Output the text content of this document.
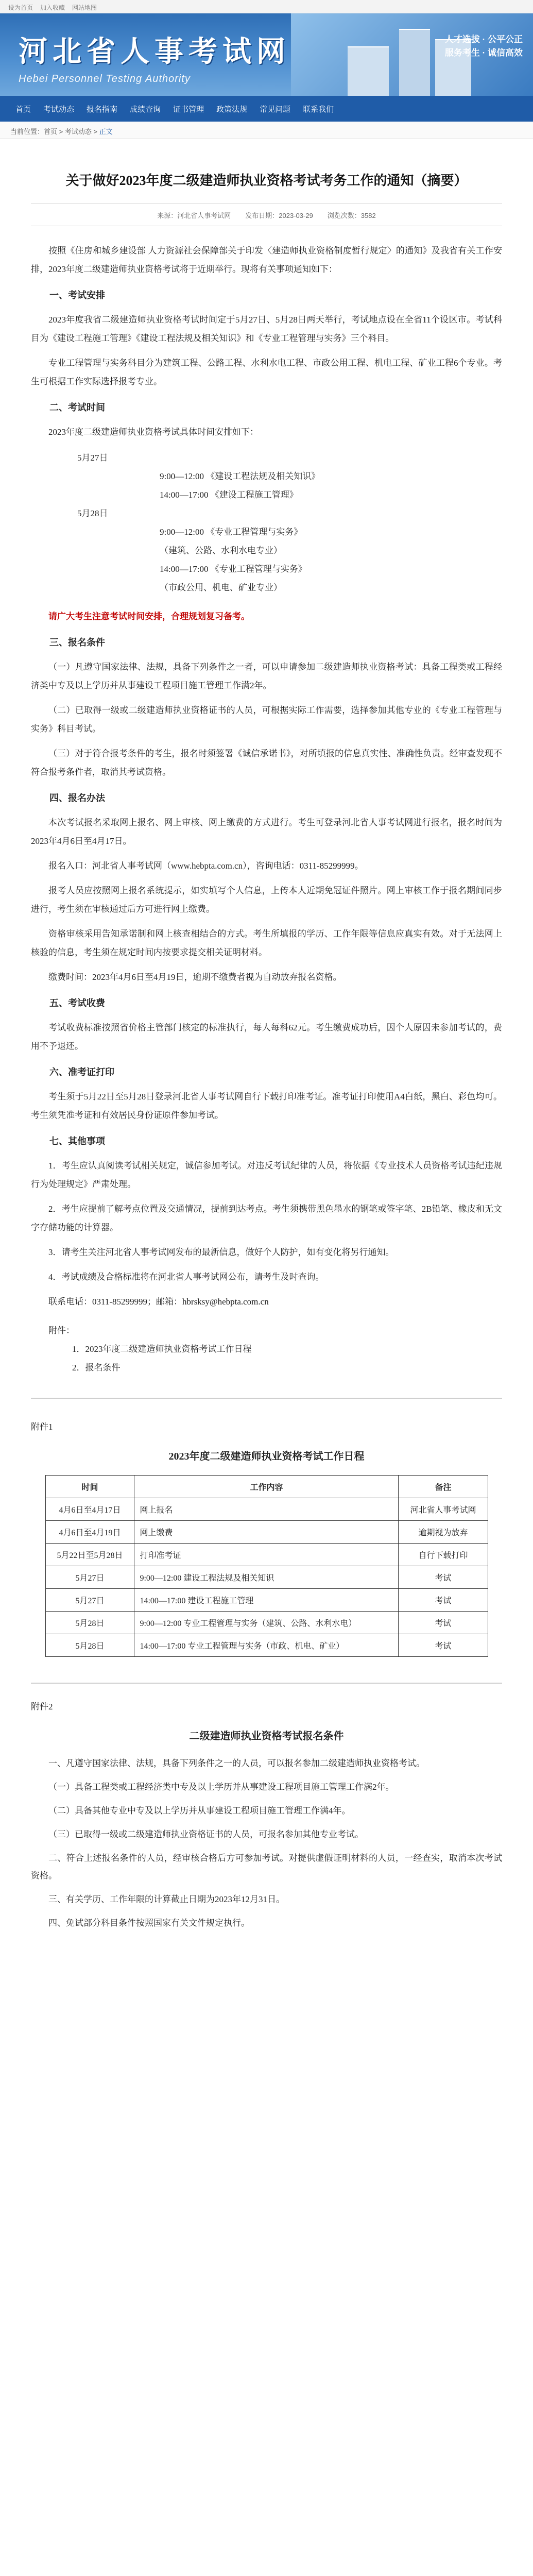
设为首页 加入收藏 网站地图
河北省人事考试网
Hebei Personnel Testing Authority
人才选拔 · 公平公正
服务考生 · 诚信高效
首页 考试动态 报名指南 成绩查询 证书管理 政策法规 常见问题 联系我们
当前位置：首页 > 考试动态 > 正文
关于做好2023年度二级建造师执业资格考试考务工作的通知（摘要）
来源：河北省人事考试网 发布日期：2023-03-29 浏览次数：3582

按照《住房和城乡建设部 人力资源社会保障部关于印发〈建造师执业资格制度暂行规定〉的通知》及我省有关工作安排，2023年度二级建造师执业资格考试将于近期举行。现将有关事项通知如下：

一、考试安排

2023年度我省二级建造师执业资格考试时间定于5月27日、5月28日两天举行，考试地点设在全省11个设区市。考试科目为《建设工程施工管理》《建设工程法规及相关知识》和《专业工程管理与实务》三个科目。

专业工程管理与实务科目分为建筑工程、公路工程、水利水电工程、市政公用工程、机电工程、矿业工程6个专业。考生可根据工作实际选择报考专业。

二、考试时间

2023年度二级建造师执业资格考试具体时间安排如下：

5月27日

9:00—12:00 《建设工程法规及相关知识》

14:00—17:00 《建设工程施工管理》

5月28日

9:00—12:00 《专业工程管理与实务》

（建筑、公路、水利水电专业）

14:00—17:00 《专业工程管理与实务》

（市政公用、机电、矿业专业）

请广大考生注意考试时间安排，合理规划复习备考。

三、报名条件

（一）凡遵守国家法律、法规，具备下列条件之一者，可以申请参加二级建造师执业资格考试：具备工程类或工程经济类中专及以上学历并从事建设工程项目施工管理工作满2年。

（二）已取得一级或二级建造师执业资格证书的人员，可根据实际工作需要，选择参加其他专业的《专业工程管理与实务》科目考试。

（三）对于符合报考条件的考生，报名时须签署《诚信承诺书》，对所填报的信息真实性、准确性负责。经审查发现不符合报考条件者，取消其考试资格。

四、报名办法

本次考试报名采取网上报名、网上审核、网上缴费的方式进行。考生可登录河北省人事考试网进行报名，报名时间为2023年4月6日至4月17日。

报名入口：河北省人事考试网（www.hebpta.com.cn），咨询电话：0311-85299999。

报考人员应按照网上报名系统提示，如实填写个人信息，上传本人近期免冠证件照片。网上审核工作于报名期间同步进行，考生须在审核通过后方可进行网上缴费。

资格审核采用告知承诺制和网上核查相结合的方式。考生所填报的学历、工作年限等信息应真实有效。对于无法网上核验的信息，考生须在规定时间内按要求提交相关证明材料。

缴费时间：2023年4月6日至4月19日，逾期不缴费者视为自动放弃报名资格。

五、考试收费

考试收费标准按照省价格主管部门核定的标准执行，每人每科62元。考生缴费成功后，因个人原因未参加考试的，费用不予退还。

六、准考证打印

考生须于5月22日至5月28日登录河北省人事考试网自行下载打印准考证。准考证打印使用A4白纸，黑白、彩色均可。考生须凭准考证和有效居民身份证原件参加考试。

七、其他事项

1．考生应认真阅读考试相关规定，诚信参加考试。对违反考试纪律的人员，将依据《专业技术人员资格考试违纪违规行为处理规定》严肃处理。

2．考生应提前了解考点位置及交通情况，提前到达考点。考生须携带黑色墨水的钢笔或签字笔、2B铅笔、橡皮和无文字存储功能的计算器。

3．请考生关注河北省人事考试网发布的最新信息，做好个人防护，如有变化将另行通知。

4．考试成绩及合格标准将在河北省人事考试网公布，请考生及时查询。

联系电话：0311-85299999；邮箱：hbrsksy@hebpta.com.cn

附件：

1．2023年度二级建造师执业资格考试工作日程

2．报名条件

附件1

2023年度二级建造师执业资格考试工作日程
时间	工作内容	备注
4月6日至4月17日	网上报名	河北省人事考试网
4月6日至4月19日	网上缴费	逾期视为放弃
5月22日至5月28日	打印准考证	自行下载打印
5月27日	9:00—12:00 建设工程法规及相关知识	考试
5月27日	14:00—17:00 建设工程施工管理	考试
5月28日	9:00—12:00 专业工程管理与实务（建筑、公路、水利水电）	考试
5月28日	14:00—17:00 专业工程管理与实务（市政、机电、矿业）	考试

附件2

二级建造师执业资格考试报名条件

一、凡遵守国家法律、法规，具备下列条件之一的人员，可以报名参加二级建造师执业资格考试。

（一）具备工程类或工程经济类中专及以上学历并从事建设工程项目施工管理工作满2年。

（二）具备其他专业中专及以上学历并从事建设工程项目施工管理工作满4年。

（三）已取得一级或二级建造师执业资格证书的人员，可报名参加其他专业考试。

二、符合上述报名条件的人员，经审核合格后方可参加考试。对提供虚假证明材料的人员，一经查实，取消本次考试资格。

三、有关学历、工作年限的计算截止日期为2023年12月31日。

四、免试部分科目条件按照国家有关文件规定执行。
